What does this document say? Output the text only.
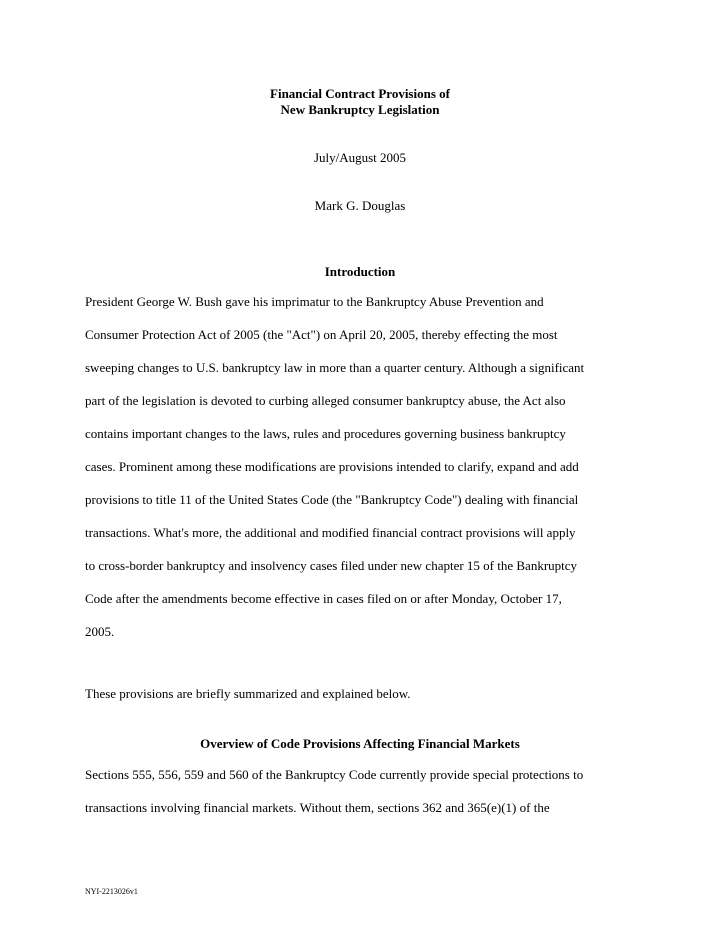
Financial Contract Provisions of
New Bankruptcy Legislation
July/August 2005
Mark G. Douglas
Introduction
President George W. Bush gave his imprimatur to the Bankruptcy Abuse Prevention and
Consumer Protection Act of 2005 (the "Act") on April 20, 2005, thereby effecting the most
sweeping changes to U.S. bankruptcy law in more than a quarter century. Although a significant
part of the legislation is devoted to curbing alleged consumer bankruptcy abuse, the Act also
contains important changes to the laws, rules and procedures governing business bankruptcy
cases. Prominent among these modifications are provisions intended to clarify, expand and add
provisions to title 11 of the United States Code (the "Bankruptcy Code") dealing with financial
transactions. What's more, the additional and modified financial contract provisions will apply
to cross-border bankruptcy and insolvency cases filed under new chapter 15 of the Bankruptcy
Code after the amendments become effective in cases filed on or after Monday, October 17,
2005.
These provisions are briefly summarized and explained below.
Overview of Code Provisions Affecting Financial Markets
Sections 555, 556, 559 and 560 of the Bankruptcy Code currently provide special protections to
transactions involving financial markets. Without them, sections 362 and 365(e)(1) of the
NYI-2213026v1
